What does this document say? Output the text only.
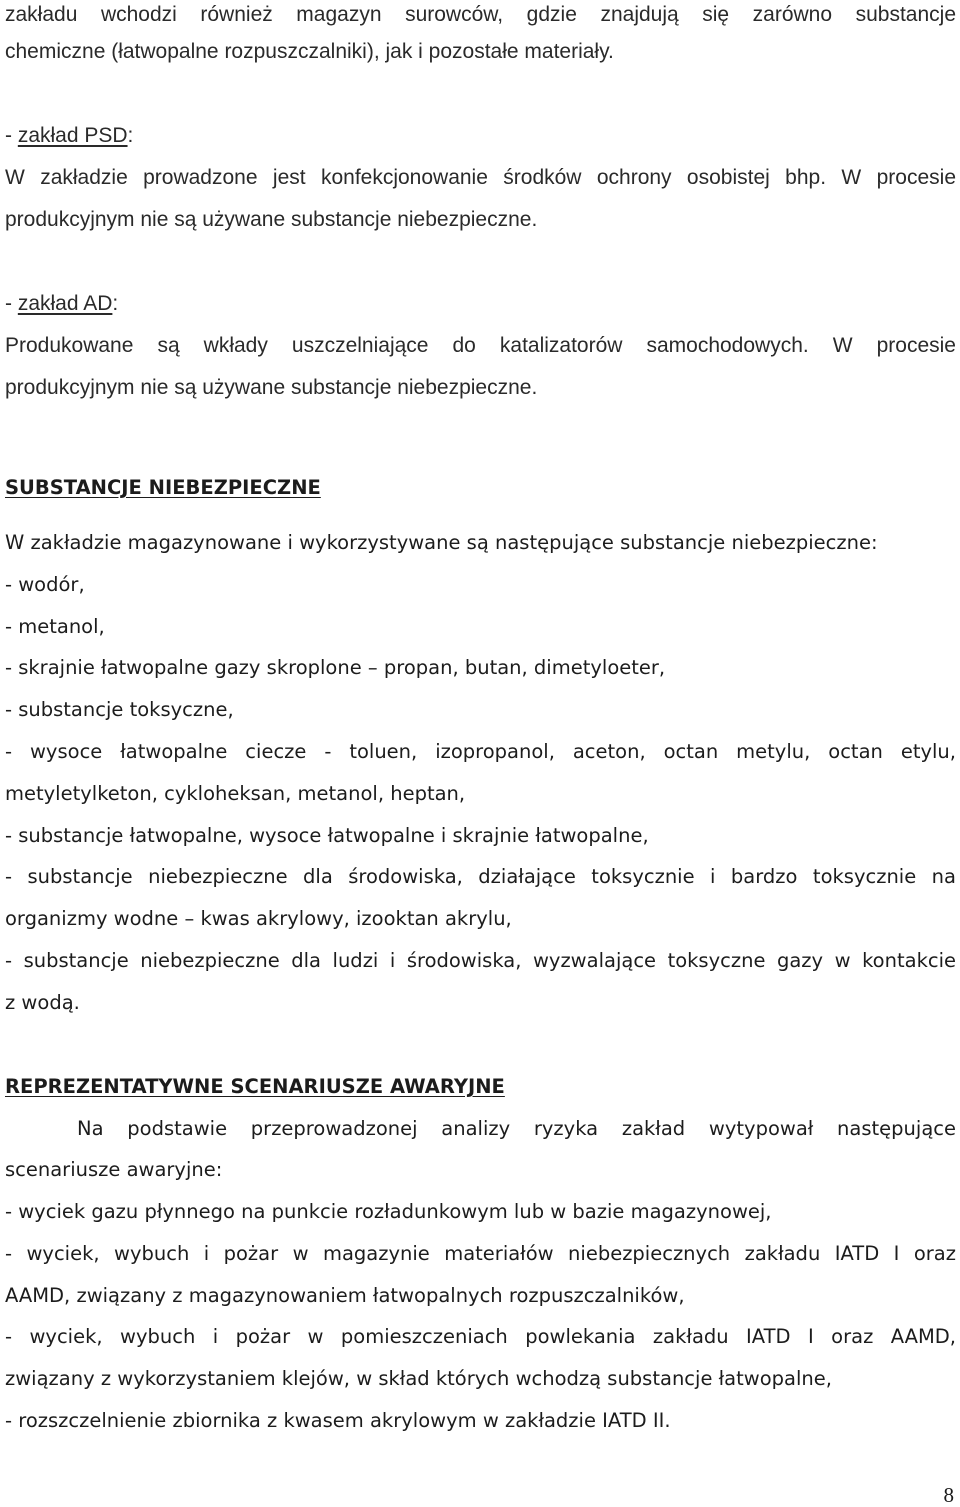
zakładu wchodzi również magazyn surowców, gdzie znajdują się zarówno substancje
chemiczne (łatwopalne rozpuszczalniki), jak i pozostałe materiały.
- zakład PSD:
W zakładzie prowadzone jest konfekcjonowanie środków ochrony osobistej bhp. W procesie
produkcyjnym nie są używane substancje niebezpieczne.
- zakład AD:
Produkowane są wkłady uszczelniające do katalizatorów samochodowych. W procesie
produkcyjnym nie są używane substancje niebezpieczne.
SUBSTANCJE NIEBEZPIECZNE
W zakładzie magazynowane i wykorzystywane są następujące substancje niebezpieczne:
- wodór,
- metanol,
- skrajnie łatwopalne gazy skroplone – propan, butan, dimetyloeter,
- substancje toksyczne,
- wysoce łatwopalne ciecze - toluen, izopropanol, aceton, octan metylu, octan etylu,
metyletylketon, cykloheksan, metanol, heptan,
- substancje łatwopalne, wysoce łatwopalne i skrajnie łatwopalne,
- substancje niebezpieczne dla środowiska, działające toksycznie i bardzo toksycznie na
organizmy wodne – kwas akrylowy, izooktan akrylu,
- substancje niebezpieczne dla ludzi i środowiska, wyzwalające toksyczne gazy w kontakcie
z wodą.
REPREZENTATYWNE SCENARIUSZE AWARYJNE
Na podstawie przeprowadzonej analizy ryzyka zakład wytypował następujące
scenariusze awaryjne:
- wyciek gazu płynnego na punkcie rozładunkowym lub w bazie magazynowej,
- wyciek, wybuch i pożar w magazynie materiałów niebezpiecznych zakładu IATD I oraz
AAMD, związany z magazynowaniem łatwopalnych rozpuszczalników,
- wyciek, wybuch i pożar w pomieszczeniach powlekania zakładu IATD I oraz AAMD,
związany z wykorzystaniem klejów, w skład których wchodzą substancje łatwopalne,
- rozszczelnienie zbiornika z kwasem akrylowym w zakładzie IATD II.
8
